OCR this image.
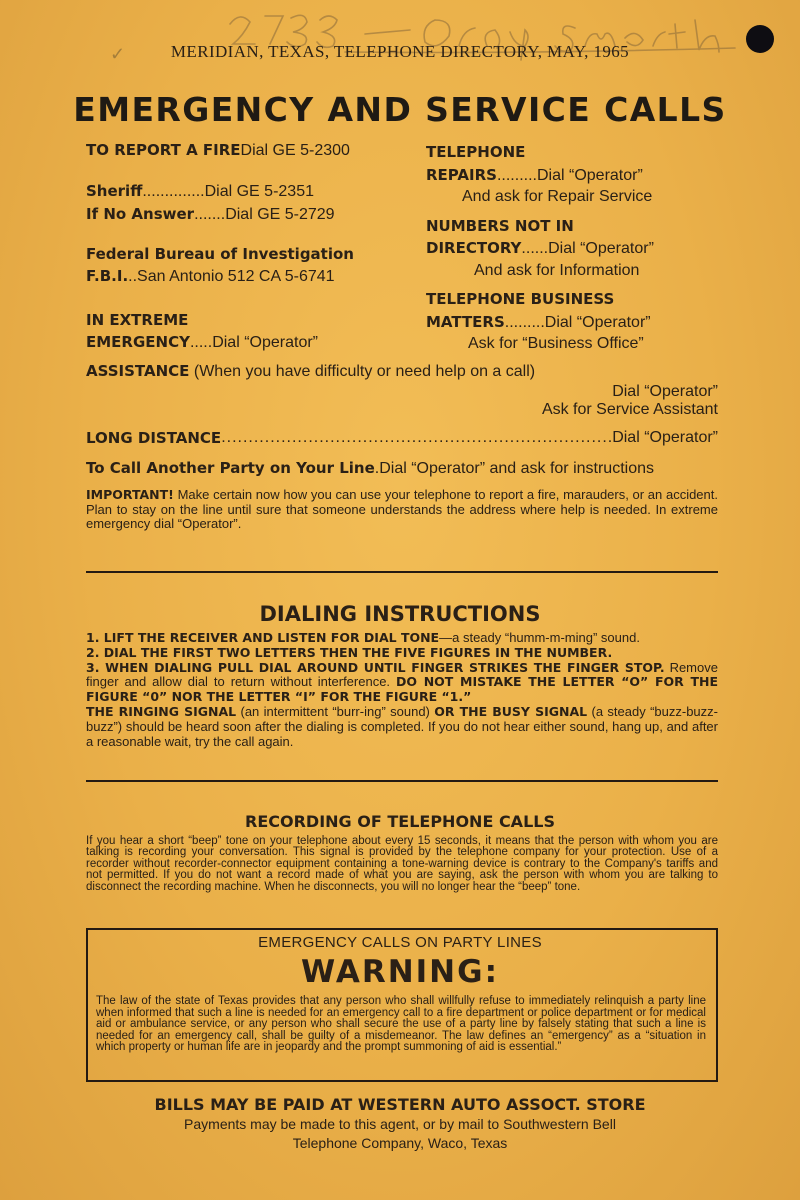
MERIDIAN, TEXAS, TELEPHONE DIRECTORY, MAY, 1965
✓
EMERGENCY AND SERVICE CALLS
TO REPORT A FIREDial GE 5-2300
Sheriff..............Dial GE 5-2351
If No Answer.......Dial GE 5-2729
Federal Bureau of Investigation
F.B.I...San Antonio 512 CA 5-6741
IN EXTREME
EMERGENCY.....Dial “Operator”
TELEPHONE
REPAIRS.........Dial “Operator”
And ask for Repair Service
NUMBERS NOT IN
DIRECTORY......Dial “Operator”
And ask for Information
TELEPHONE BUSINESS
MATTERS.........Dial “Operator”
Ask for “Business Office”
ASSISTANCE (When you have difficulty or need help on a call)
Dial “Operator”
Ask for Service Assistant
LONG DISTANCE
.....	Dial “Operator”
To Call Another Party on Your Line.Dial “Operator” and ask for instructions
IMPORTANT! Make certain now how you can use your telephone to report a fire, marauders, or an accident. Plan to stay on the line until sure that someone understands the address where help is needed. In extreme emergency dial “Operator”.
DIALING INSTRUCTIONS
1. LIFT THE RECEIVER AND LISTEN FOR DIAL TONE—a steady “humm-m-ming” sound.
2. DIAL THE FIRST TWO LETTERS THEN THE FIVE FIGURES IN THE NUMBER.
3. WHEN DIALING PULL DIAL AROUND UNTIL FINGER STRIKES THE FINGER STOP. Remove finger and allow dial to return without interference. DO NOT MISTAKE THE LETTER “O” FOR THE FIGURE “0” NOR THE LETTER “I” FOR THE FIGURE “1.”
THE RINGING SIGNAL (an intermittent “burr-ing” sound) OR THE BUSY SIGNAL (a steady “buzz-buzz-buzz”) should be heard soon after the dialing is completed. If you do not hear either sound, hang up, and after a reasonable wait, try the call again.
RECORDING OF TELEPHONE CALLS
If you hear a short “beep” tone on your telephone about every 15 seconds, it means that the person with whom you are talking is recording your conversation. This signal is provided by the telephone company for your protection. Use of a recorder without recorder-connector equipment containing a tone-warning device is contrary to the Company's tariffs and not permitted. If you do not want a record made of what you are saying, ask the person with whom you are talking to disconnect the recording machine. When he disconnects, you will no longer hear the “beep” tone.
EMERGENCY CALLS ON PARTY LINES
WARNING:
The law of the state of Texas provides that any person who shall willfully refuse to immediately relinquish a party line when informed that such a line is needed for an emergency call to a fire department or police department or for medical aid or ambulance service, or any person who shall secure the use of a party line by falsely stating that such a line is needed for an emergency call, shall be guilty of a misdemeanor. The law defines an “emergency” as a “situation in which property or human life are in jeopardy and the prompt summoning of aid is essential.”
BILLS MAY BE PAID AT WESTERN AUTO ASSOCT. STORE
Payments may be made to this agent, or by mail to Southwestern Bell
Telephone Company, Waco, Texas
